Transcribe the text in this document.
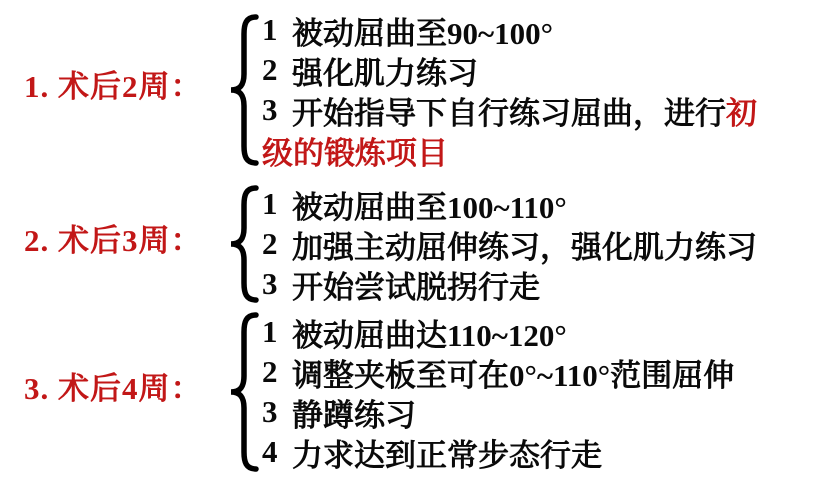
1. 术后2周：
1 被动屈曲至90~100°
2 强化肌力练习
3 开始指导下自行练习屈曲，进行 初
级的锻炼项目
2. 术后3周：
1 被动屈曲至100~110°
2 加强主动屈伸练习，强化肌力练习
3 开始尝试脱拐行走
3. 术后4周：
1 被动屈曲达110~120°
2 调整夹板至可在0°~110°范围屈伸
3 静蹲练习
4 力求达到正常步态行走
